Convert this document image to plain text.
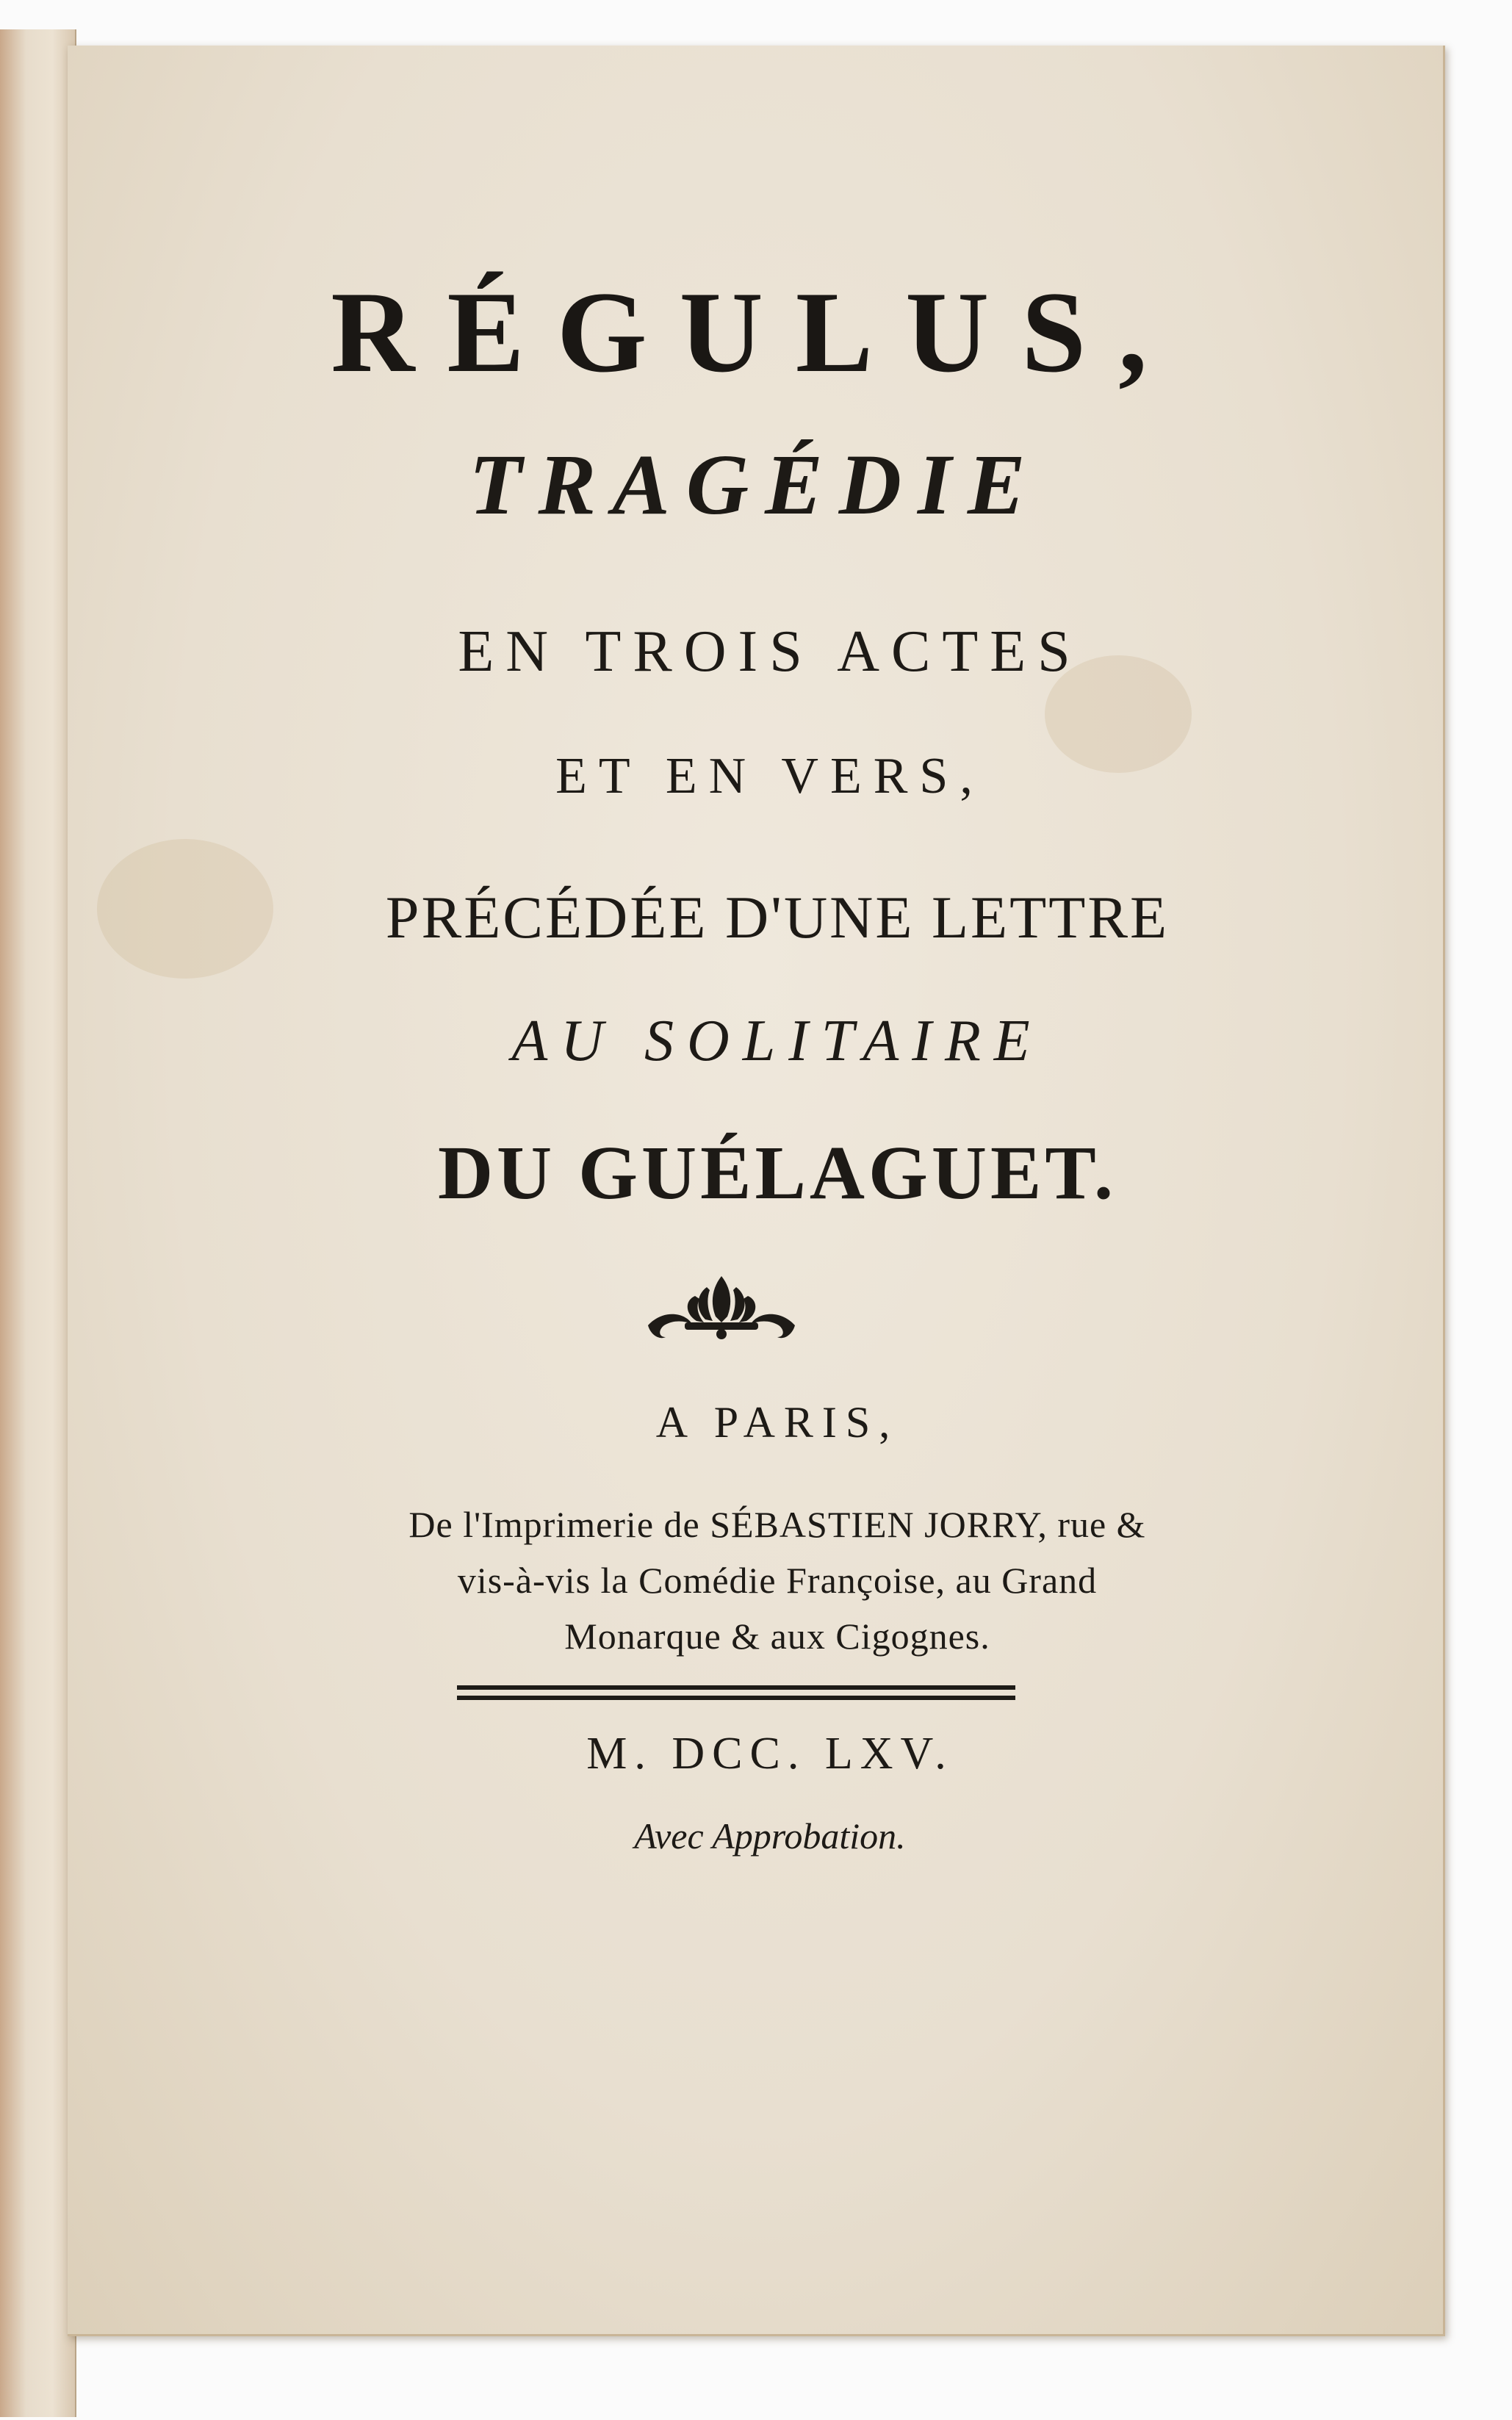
RÉGULUS,
TRAGÉDIE
EN TROIS ACTES
ET EN VERS,
PRÉCÉDÉE D'UNE LETTRE
AU SOLITAIRE
DU GUÉLAGUET.
A PARIS,
De l'Imprimerie de SÉBASTIEN JORRY, rue &
vis-à-vis la Comédie Françoise, au Grand
Monarque & aux Cigognes.
M. DCC. LXV.
Avec Approbation.
